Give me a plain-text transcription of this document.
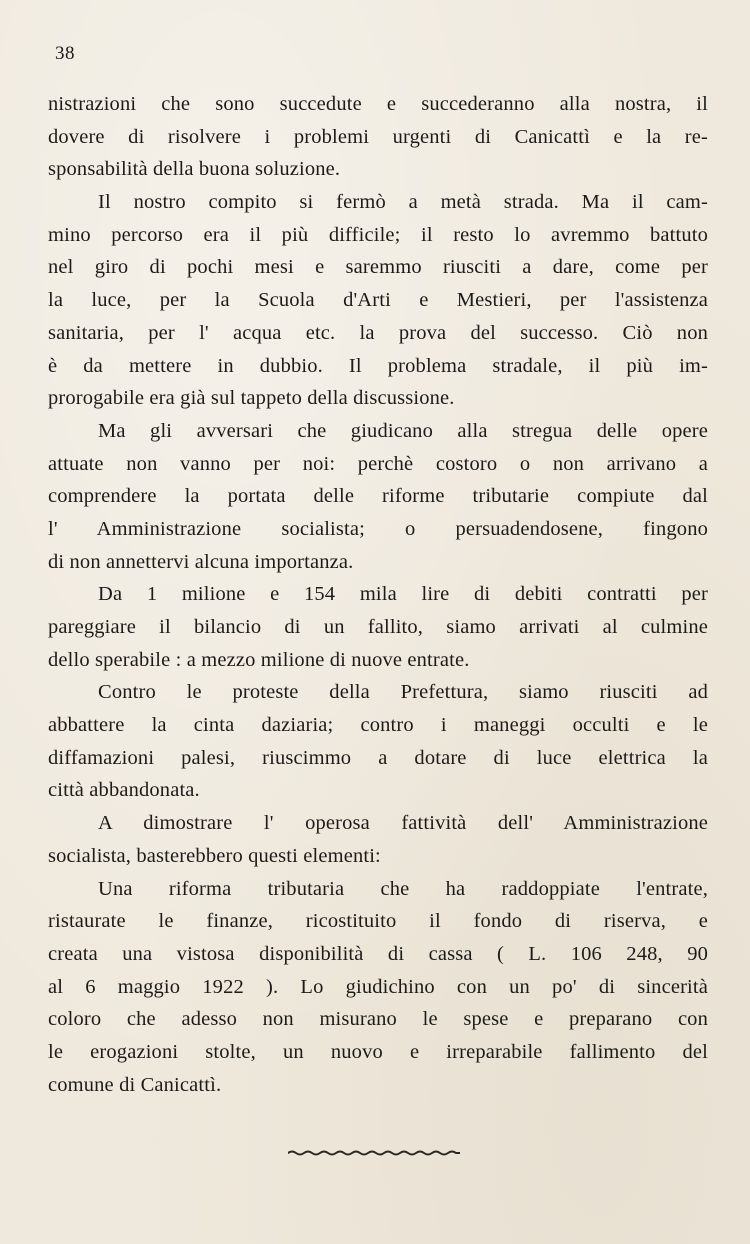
38
nistrazioni che sono succedute e succederanno alla nostra, il
dovere di risolvere i problemi urgenti di Canicattì e la re-
sponsabilità della buona soluzione.
Il nostro compito si fermò a metà strada. Ma il cam-
mino percorso era il più difficile; il resto lo avremmo battuto
nel giro di pochi mesi e saremmo riusciti a dare, come per
la luce, per la Scuola d'Arti e Mestieri, per l'assistenza
sanitaria, per l' acqua etc. la prova del successo. Ciò non
è da mettere in dubbio. Il problema stradale, il più im-
prorogabile era già sul tappeto della discussione.
Ma gli avversari che giudicano alla stregua delle opere
attuate non vanno per noi: perchè costoro o non arrivano a
comprendere la portata delle riforme tributarie compiute dal
l' Amministrazione socialista; o persuadendosene, fingono
di non annettervi alcuna importanza.
Da 1 milione e 154 mila lire di debiti contratti per
pareggiare il bilancio di un fallito, siamo arrivati al culmine
dello sperabile : a mezzo milione di nuove entrate.
Contro le proteste della Prefettura, siamo riusciti ad
abbattere la cinta daziaria; contro i maneggi occulti e le
diffamazioni palesi, riuscimmo a dotare di luce elettrica la
città abbandonata.
A dimostrare l' operosa fattività dell' Amministrazione
socialista, basterebbero questi elementi:
Una riforma tributaria che ha raddoppiate l'entrate,
ristaurate le finanze, ricostituito il fondo di riserva, e
creata una vistosa disponibilità di cassa ( L. 106 248, 90
al 6 maggio 1922 ). Lo giudichino con un po' di sincerità
coloro che adesso non misurano le spese e preparano con
le erogazioni stolte, un nuovo e irreparabile fallimento del
comune di Canicattì.
